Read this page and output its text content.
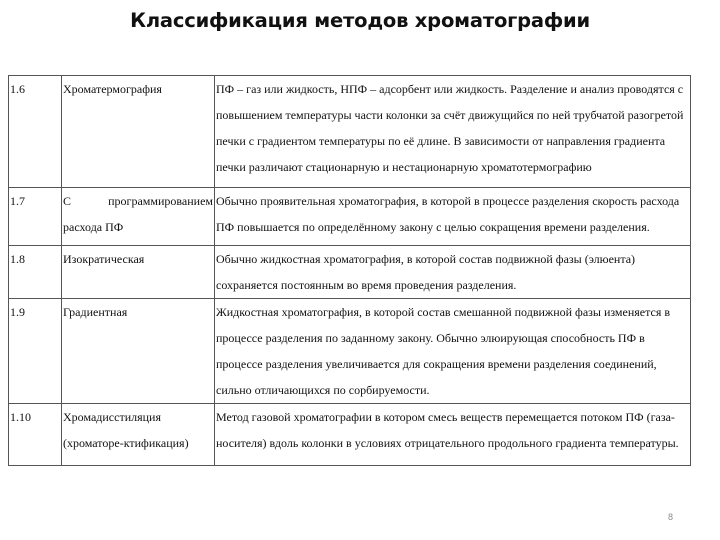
Классификация методов хроматографии
1.6	Хроматермография	ПФ – газ или жидкость, НПФ – адсорбент или жидкость. Разделение и анализ проводятся с повышением температуры части колонки за счёт движущийся по ней трубчатой разогретой печки с градиентом температуры по её длине. В зависимости от направления градиента печки различают стационарную и нестационарную хроматотермографию
1.7	С программированием расхода ПФ	Обычно проявительная хроматография, в которой в процессе разделения скорость расхода ПФ повышается по определённому закону с целью сокращения времени разделения.
1.8	Изократическая	Обычно жидкостная хроматография, в которой состав подвижной фазы (элюента) сохраняется постоянным во время проведения разделения.
1.9	Градиентная	Жидкостная хроматография, в которой состав смешанной подвижной фазы изменяется в процессе разделения по заданному закону. Обычно элюирующая способность ПФ в процессе разделения увеличивается для сокращения времени разделения соединений, сильно отличающихся по сорбируемости.
1.10	Хромадисстиляция (хроматоре-ктификация)	Метод газовой хроматографии в котором смесь веществ перемещается потоком ПФ (газа-носителя) вдоль колонки в условиях отрицательного продольного градиента температуры.
8
